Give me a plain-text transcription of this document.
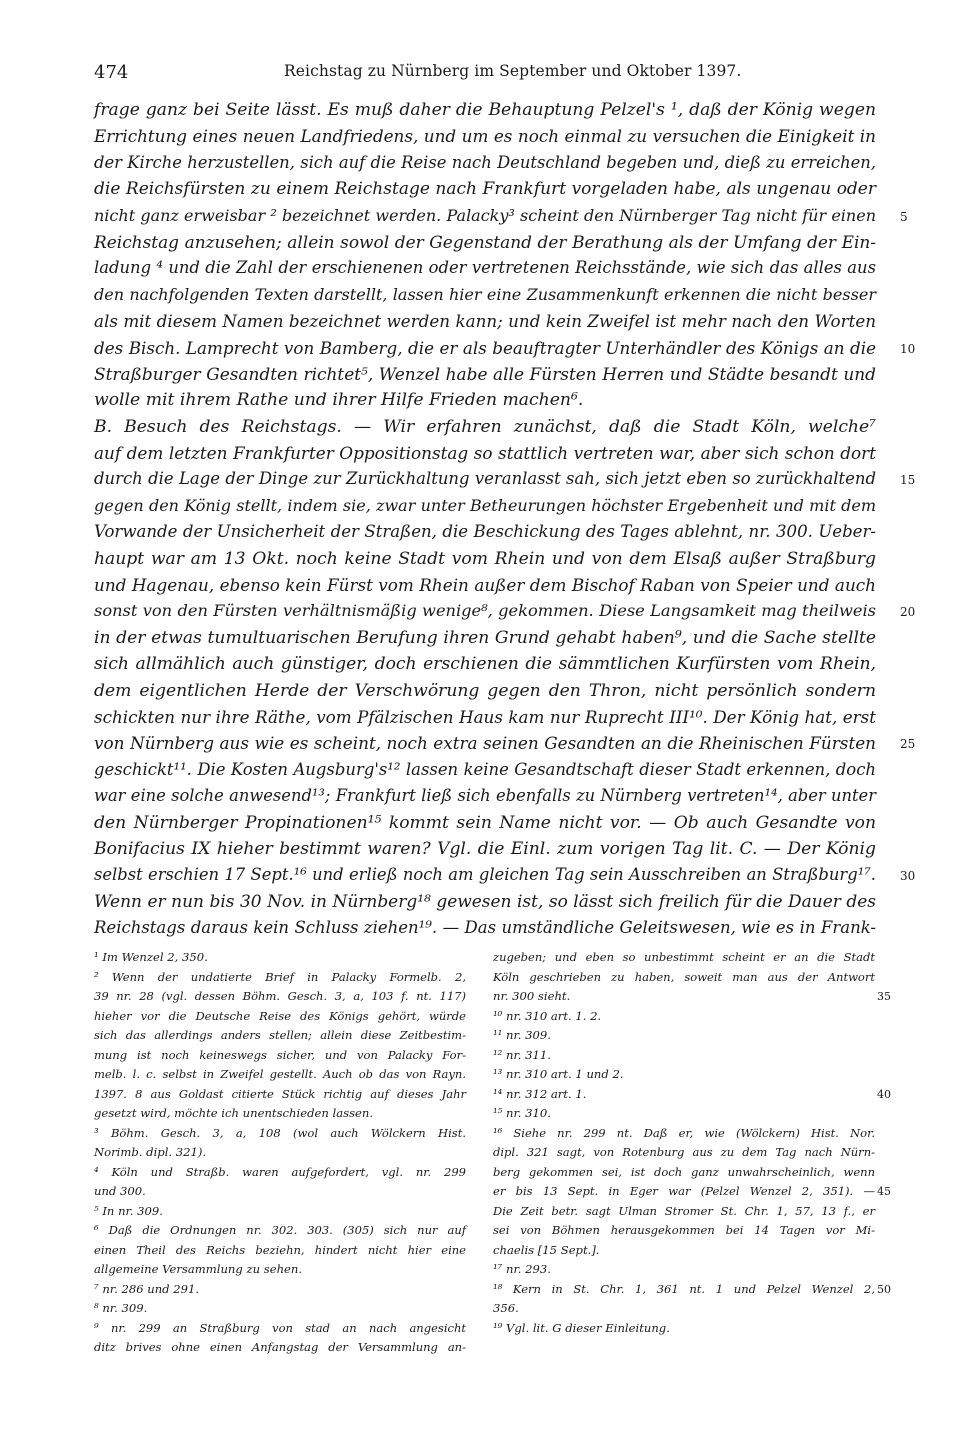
474	Reichstag zu Nürnberg im September und Oktober 1397.
frage ganz bei Seite lässt. Es muß daher die Behauptung Pelzel's ¹, daß der König wegen
Errichtung eines neuen Landfriedens, und um es noch einmal zu versuchen die Einigkeit in
der Kirche herzustellen, sich auf die Reise nach Deutschland begeben und, dieß zu erreichen,
die Reichsfürsten zu einem Reichstage nach Frankfurt vorgeladen habe, als ungenau oder
nicht ganz erweisbar ² bezeichnet werden. Palacky³ scheint den Nürnberger Tag nicht für einen 5
Reichstag anzusehen; allein sowol der Gegenstand der Berathung als der Umfang der Ein-
ladung ⁴ und die Zahl der erschienenen oder vertretenen Reichsstände, wie sich das alles aus
den nachfolgenden Texten darstellt, lassen hier eine Zusammenkunft erkennen die nicht besser
als mit diesem Namen bezeichnet werden kann; und kein Zweifel ist mehr nach den Worten
des Bisch. Lamprecht von Bamberg, die er als beauftragter Unterhändler des Königs an die 10
Straßburger Gesandten richtet⁵, Wenzel habe alle Fürsten Herren und Städte besandt und
wolle mit ihrem Rathe und ihrer Hilfe Frieden machen⁶.
B. Besuch des Reichstags. — Wir erfahren zunächst, daß die Stadt Köln, welche⁷
auf dem letzten Frankfurter Oppositionstag so stattlich vertreten war, aber sich schon dort
durch die Lage der Dinge zur Zurückhaltung veranlasst sah, sich jetzt eben so zurückhaltend 15
gegen den König stellt, indem sie, zwar unter Betheurungen höchster Ergebenheit und mit dem
Vorwande der Unsicherheit der Straßen, die Beschickung des Tages ablehnt, nr. 300. Ueber-
haupt war am 13 Okt. noch keine Stadt vom Rhein und von dem Elsaß außer Straßburg
und Hagenau, ebenso kein Fürst vom Rhein außer dem Bischof Raban von Speier und auch
sonst von den Fürsten verhältnismäßig wenige⁸, gekommen. Diese Langsamkeit mag theilweis 20
in der etwas tumultuarischen Berufung ihren Grund gehabt haben⁹, und die Sache stellte
sich allmählich auch günstiger, doch erschienen die sämmtlichen Kurfürsten vom Rhein,
dem eigentlichen Herde der Verschwörung gegen den Thron, nicht persönlich sondern
schickten nur ihre Räthe, vom Pfälzischen Haus kam nur Ruprecht III¹⁰. Der König hat, erst
von Nürnberg aus wie es scheint, noch extra seinen Gesandten an die Rheinischen Fürsten 25
geschickt¹¹. Die Kosten Augsburg's¹² lassen keine Gesandtschaft dieser Stadt erkennen, doch
war eine solche anwesend¹³; Frankfurt ließ sich ebenfalls zu Nürnberg vertreten¹⁴, aber unter
den Nürnberger Propinationen¹⁵ kommt sein Name nicht vor. — Ob auch Gesandte von
Bonifacius IX hieher bestimmt waren? Vgl. die Einl. zum vorigen Tag lit. C. — Der König
selbst erschien 17 Sept.¹⁶ und erließ noch am gleichen Tag sein Ausschreiben an Straßburg¹⁷. 30
Wenn er nun bis 30 Nov. in Nürnberg¹⁸ gewesen ist, so lässt sich freilich für die Dauer des
Reichstags daraus kein Schluss ziehen¹⁹. — Das umständliche Geleitswesen, wie es in Frank-
¹ Im Wenzel 2, 350.
² Wenn der undatierte Brief in Palacky Formelb. 2,
39 nr. 28 (vgl. dessen Böhm. Gesch. 3, a, 103 f. nt. 117)
hieher vor die Deutsche Reise des Königs gehört, würde
sich das allerdings anders stellen; allein diese Zeitbestim-
mung ist noch keineswegs sicher, und von Palacky For-
melb. l. c. selbst in Zweifel gestellt. Auch ob das von Rayn.
1397. 8 aus Goldast citierte Stück richtig auf dieses Jahr
gesetzt wird, möchte ich unentschieden lassen.
³ Böhm. Gesch. 3, a, 108 (wol auch Wölckern Hist.
Norimb. dipl. 321).
⁴ Köln und Straßb. waren aufgefordert, vgl. nr. 299
und 300.
⁵ In nr. 309.
⁶ Daß die Ordnungen nr. 302. 303. (305) sich nur auf
einen Theil des Reichs beziehn, hindert nicht hier eine
allgemeine Versammlung zu sehen.
⁷ nr. 286 und 291.
⁸ nr. 309.
⁹ nr. 299 an Straßburg von stad an nach angesicht
ditz brives ohne einen Anfangstag der Versammlung an-
zugeben; und eben so unbestimmt scheint er an die Stadt
Köln geschrieben zu haben, soweit man aus der Antwort
nr. 300 sieht.	35
¹⁰ nr. 310 art. 1. 2.
¹¹ nr. 309.
¹² nr. 311.
¹³ nr. 310 art. 1 und 2.
¹⁴ nr. 312 art. 1.	40
¹⁵ nr. 310.
¹⁶ Siehe nr. 299 nt. Daß er, wie (Wölckern) Hist. Nor.
dipl. 321 sagt, von Rotenburg aus zu dem Tag nach Nürn-
berg gekommen sei, ist doch ganz unwahrscheinlich, wenn
er bis 13 Sept. in Eger war (Pelzel Wenzel 2, 351). — 45
Die Zeit betr. sagt Ulman Stromer St. Chr. 1, 57, 13 f., er
sei von Böhmen herausgekommen bei 14 Tagen vor Mi-
chaelis [15 Sept.].
¹⁷ nr. 293.
¹⁸ Kern in St. Chr. 1, 361 nt. 1 und Pelzel Wenzel 2, 50
356.
¹⁹ Vgl. lit. G dieser Einleitung.
